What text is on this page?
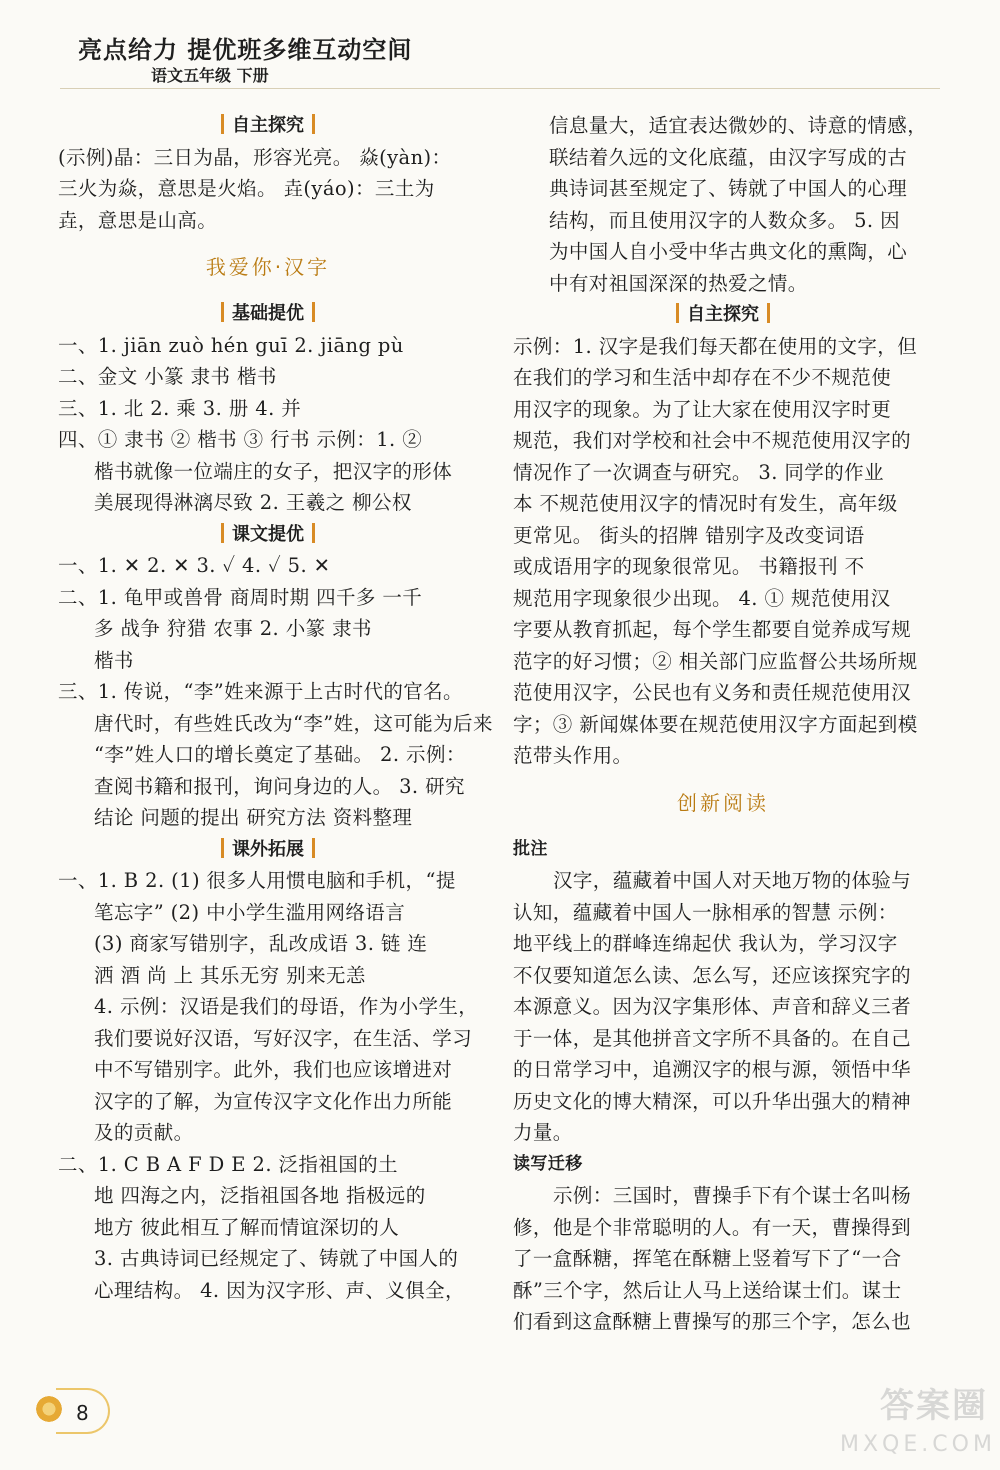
亮点给力 提优班多维互动空间
语文五年级 下册
自主探究
(示例)晶：三日为晶，形容光亮。 焱(yàn)：
三火为焱，意思是火焰。 垚(yáo)：三土为
垚，意思是山高。
我爱你·汉字
基础提优
一、1. jiān zuò hén guī 2. jiāng pù
二、金文 小篆 隶书 楷书
三、1. 北 2. 乘 3. 册 4. 并
四、① 隶书 ② 楷书 ③ 行书 示例：1. ②
楷书就像一位端庄的女子，把汉字的形体
美展现得淋漓尽致 2. 王羲之 柳公权
课文提优
一、1. ✕ 2. ✕ 3. ✓ 4. ✓ 5. ✕
二、1. 龟甲或兽骨 商周时期 四千多 一千
多 战争 狩猎 农事 2. 小篆 隶书
楷书
三、1. 传说，“李”姓来源于上古时代的官名。
唐代时，有些姓氏改为“李”姓，这可能为后来
“李”姓人口的增长奠定了基础。 2. 示例：
查阅书籍和报刊，询问身边的人。 3. 研究
结论 问题的提出 研究方法 资料整理
课外拓展
一、1. B 2. (1) 很多人用惯电脑和手机，“提
笔忘字” (2) 中小学生滥用网络语言
(3) 商家写错别字，乱改成语 3. 链 连
洒 酒 尚 上 其乐无穷 别来无恙
4. 示例：汉语是我们的母语，作为小学生，
我们要说好汉语，写好汉字，在生活、学习
中不写错别字。此外，我们也应该增进对
汉字的了解，为宣传汉字文化作出力所能
及的贡献。
二、1. C B A F D E 2. 泛指祖国的土
地 四海之内，泛指祖国各地 指极远的
地方 彼此相互了解而情谊深切的人
3. 古典诗词已经规定了、铸就了中国人的
心理结构。 4. 因为汉字形、声、义俱全，
信息量大，适宜表达微妙的、诗意的情感，
联结着久远的文化底蕴，由汉字写成的古
典诗词甚至规定了、铸就了中国人的心理
结构，而且使用汉字的人数众多。 5. 因
为中国人自小受中华古典文化的熏陶，心
中有对祖国深深的热爱之情。
自主探究
示例：1. 汉字是我们每天都在使用的文字，但
在我们的学习和生活中却存在不少不规范使
用汉字的现象。为了让大家在使用汉字时更
规范，我们对学校和社会中不规范使用汉字的
情况作了一次调查与研究。 3. 同学的作业
本 不规范使用汉字的情况时有发生，高年级
更常见。 街头的招牌 错别字及改变词语
或成语用字的现象很常见。 书籍报刊 不
规范用字现象很少出现。 4. ① 规范使用汉
字要从教育抓起，每个学生都要自觉养成写规
范字的好习惯；② 相关部门应监督公共场所规
范使用汉字，公民也有义务和责任规范使用汉
字；③ 新闻媒体要在规范使用汉字方面起到模
范带头作用。
创新阅读
批注
汉字，蕴藏着中国人对天地万物的体验与
认知，蕴藏着中国人一脉相承的智慧 示例：
地平线上的群峰连绵起伏 我认为，学习汉字
不仅要知道怎么读、怎么写，还应该探究字的
本源意义。因为汉字集形体、声音和辞义三者
于一体，是其他拼音文字所不具备的。在自己
的日常学习中，追溯汉字的根与源，领悟中华
历史文化的博大精深，可以升华出强大的精神
力量。
读写迁移
示例：三国时，曹操手下有个谋士名叫杨
修，他是个非常聪明的人。有一天，曹操得到
了一盒酥糖，挥笔在酥糖上竖着写下了“一合
酥”三个字，然后让人马上送给谋士们。谋士
们看到这盒酥糖上曹操写的那三个字，怎么也
8	答案圈
MXQE.COM
